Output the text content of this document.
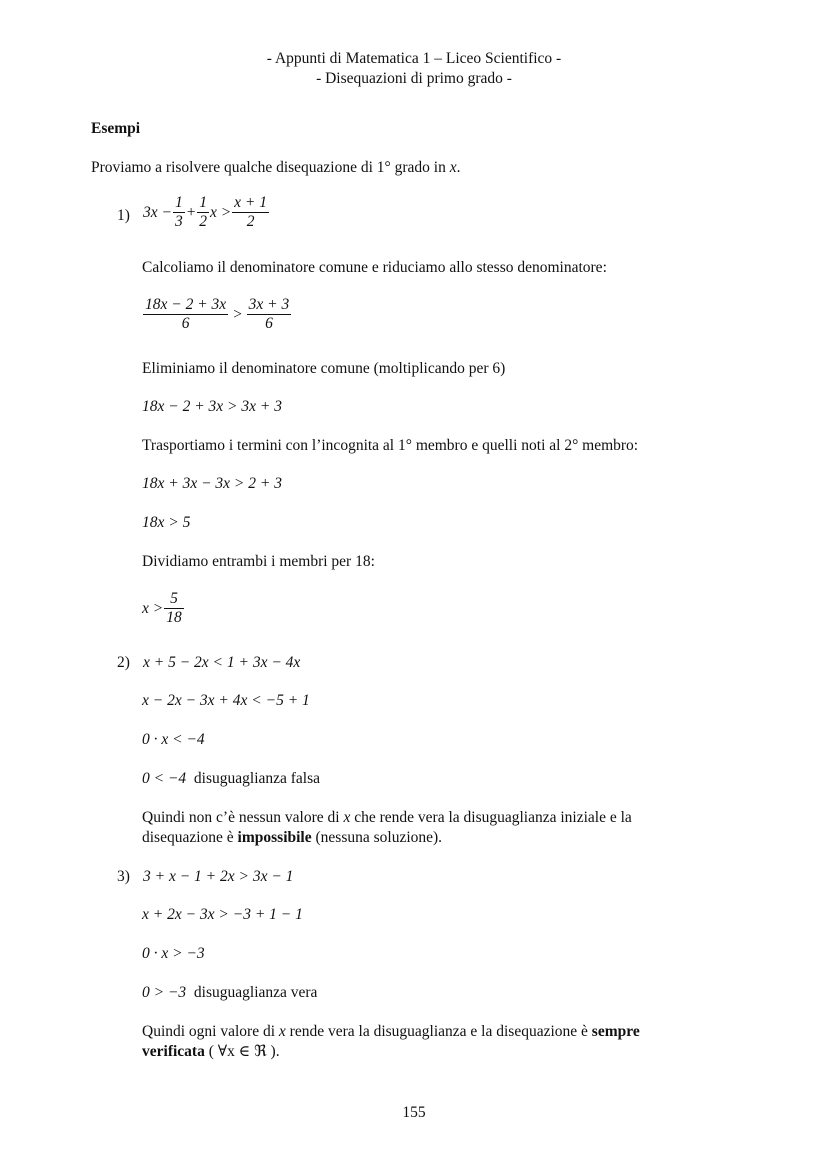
- Appunti di Matematica 1 – Liceo Scientifico -
- Disequazioni di primo grado -
Esempi
Proviamo a risolvere qualche disequazione di 1° grado in x.
1) $3x - \frac{1}{3} + \frac{1}{2}$ $x > \frac{x + 1}{2}$
Calcoliamo il denominatore comune e riduciamo allo stesso denominatore:
$\frac{18x - 2 + 3x}{6} > \frac{3x + 3}{6}$
Eliminiamo il denominatore comune (moltiplicando per 6)
18x − 2 + 3x > 3x + 3
Trasportiamo i termini con l’incognita al 1° membro e quelli noti al 2° membro:
18x + 3x − 3x > 2 + 3
18x > 5
Dividiamo entrambi i membri per 18:
$x > \frac{5}{18}$
2) x + 5 − 2x < 1 + 3x − 4x
x − 2x − 3x + 4x < −5 + 1
0 · x < −4
0 < −4 disuguaglianza falsa
Quindi non c’è nessun valore di x che rende vera la disuguaglianza iniziale e la
disequazione è impossibile (nessuna soluzione).
3) 3 + x − 1 + 2x > 3x − 1
x + 2x − 3x > −3 + 1 − 1
0 · x > −3
0 > −3 disuguaglianza vera
Quindi ogni valore di x rende vera la disuguaglianza e la disequazione è sempre
verificata ( ∀x ∈ ℜ ).
155
